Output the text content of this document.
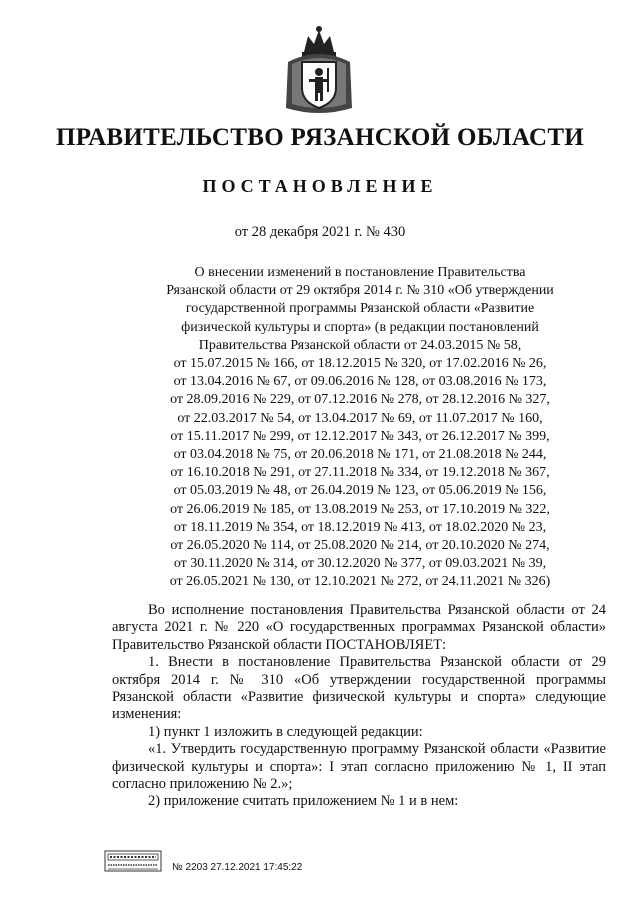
ПРАВИТЕЛЬСТВО РЯЗАНСКОЙ ОБЛАСТИ
ПОСТАНОВЛЕНИЕ
от 28 декабря 2021 г. № 430
О внесении изменений в постановление Правительства
Рязанской области от 29 октября 2014 г. № 310 «Об утверждении
государственной программы Рязанской области «Развитие
физической культуры и спорта» (в редакции постановлений
Правительства Рязанской области от 24.03.2015 № 58,
от 15.07.2015 № 166, от 18.12.2015 № 320, от 17.02.2016 № 26,
от 13.04.2016 № 67, от 09.06.2016 № 128, от 03.08.2016 № 173,
от 28.09.2016 № 229, от 07.12.2016 № 278, от 28.12.2016 № 327,
от 22.03.2017 № 54, от 13.04.2017 № 69, от 11.07.2017 № 160,
от 15.11.2017 № 299, от 12.12.2017 № 343, от 26.12.2017 № 399,
от 03.04.2018 № 75, от 20.06.2018 № 171, от 21.08.2018 № 244,
от 16.10.2018 № 291, от 27.11.2018 № 334, от 19.12.2018 № 367,
от 05.03.2019 № 48, от 26.04.2019 № 123, от 05.06.2019 № 156,
от 26.06.2019 № 185, от 13.08.2019 № 253, от 17.10.2019 № 322,
от 18.11.2019 № 354, от 18.12.2019 № 413, от 18.02.2020 № 23,
от 26.05.2020 № 114, от 25.08.2020 № 214, от 20.10.2020 № 274,
от 30.11.2020 № 314, от 30.12.2020 № 377, от 09.03.2021 № 39,
от 26.05.2021 № 130, от 12.10.2021 № 272, от 24.11.2021 № 326)

Во исполнение постановления Правительства Рязанской области от 24 августа 2021 г. № 220 «О государственных программах Рязанской области» Правительство Рязанской области ПОСТАНОВЛЯЕТ:

1. Внести в постановление Правительства Рязанской области от 29 октября 2014 г. № 310 «Об утверждении государственной программы Рязанской области «Развитие физической культуры и спорта» следующие изменения:

1) пункт 1 изложить в следующей редакции:

«1. Утвердить государственную программу Рязанской области «Развитие физической культуры и спорта»: I этап согласно приложению № 1, II этап согласно приложению № 2.»;

2) приложение считать приложением № 1 и в нем:

№ 2203 27.12.2021 17:45:22
